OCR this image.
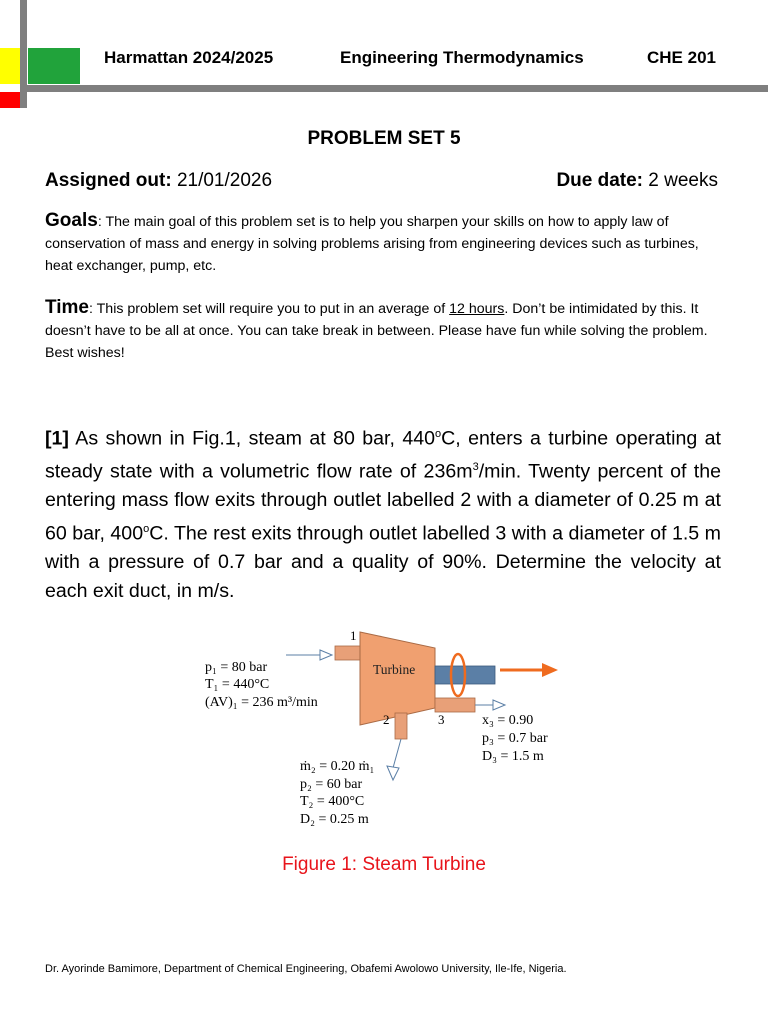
Harmattan 2024/2025	Engineering Thermodynamics	CHE 201
PROBLEM SET 5
Assigned out: 21/01/2026	Due date: 2 weeks
Goals: The main goal of this problem set is to help you sharpen your skills on how to apply law of conservation of mass and energy in solving problems arising from engineering devices such as turbines, heat exchanger, pump, etc.
Time: This problem set will require you to put in an average of 12 hours. Don’t be intimidated by this. It doesn’t have to be all at once. You can take break in between. Please have fun while solving the problem. Best wishes!
[1] As shown in Fig.1, steam at 80 bar, 440$^o$C, enters a turbine operating at steady state with a volumetric flow rate of $236m^3/\min$. Twenty percent of the entering mass flow exits through outlet labelled 2 with a diameter of 0.25 m at 60 bar, 400$^o$C. The rest exits through outlet labelled 3 with a diameter of 1.5 m with a pressure of 0.7 bar and a quality of 90%. Determine the velocity at each exit duct, in m/s.
1
Turbine
2	3
p₁ = 80 bar
T₁ = 440°C
(AV)₁ = 236 m³/min
x₃ = 0.90
p₃ = 0.7 bar
D₃ = 1.5 m
ṁ₂ = 0.20 ṁ₁
p₂ = 60 bar
T₂ = 400°C
D₂ = 0.25 m
Figure 1: Steam Turbine
Dr. Ayorinde Bamimore, Department of Chemical Engineering, Obafemi Awolowo University, Ile-Ife, Nigeria.
